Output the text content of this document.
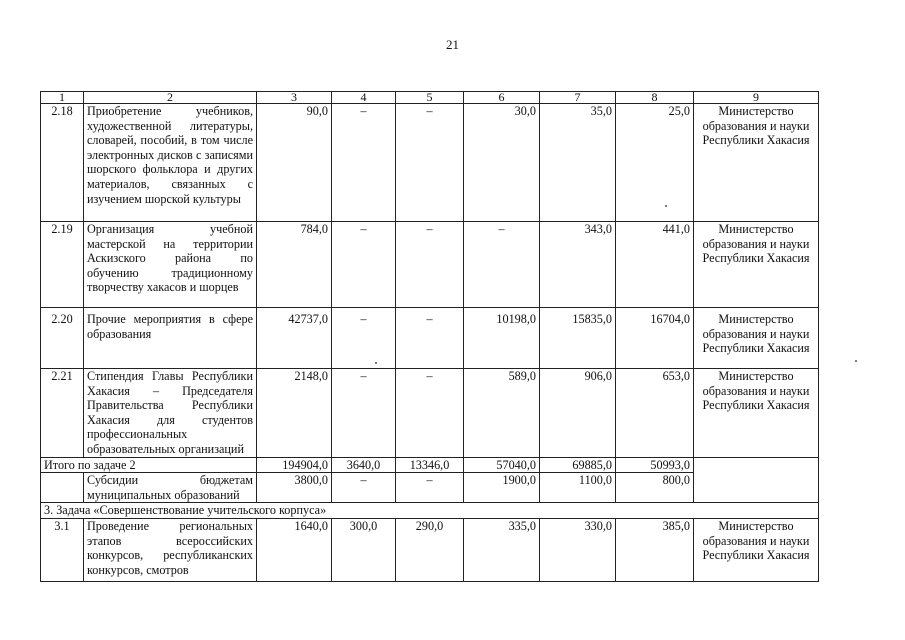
21
1	2	3	4	5	6	7	8	9
2.18	Приобретение учебников, художественной литературы, словарей, пособий, в том числе электронных дисков с записями шорского фольклора и других материалов, связанных с изучением шорской культуры	90,0	–	–	30,0	35,0	25,0	Министерство образования и науки Республики Хакасия
2.19	Организация учебной мастерской на территории Аскизского района по обучению традиционному творчеству хакасов и шорцев	784,0	–	–	–	343,0	441,0	Министерство образования и науки Республики Хакасия
2.20	Прочие мероприятия в сфере образования	42737,0	–	–	10198,0	15835,0	16704,0	Министерство образования и науки Республики Хакасия
2.21	Стипендия Главы Республики Хакасия – Председателя Правительства Республики Хакасия для студентов профессиональных образовательных организаций	2148,0	–	–	589,0	906,0	653,0	Министерство образования и науки Республики Хакасия
Итого по задаче 2		194904,0	3640,0	13346,0	57040,0	69885,0	50993,0	
	Субсидии бюджетам муниципальных образований	3800,0	–	–	1900,0	1100,0	800,0	
3. Задача «Совершенствование учительского корпуса»								
3.1	Проведение региональных этапов всероссийских конкурсов, республиканских конкурсов, смотров	1640,0	300,0	290,0	335,0	330,0	385,0	Министерство образования и науки Республики Хакасия
